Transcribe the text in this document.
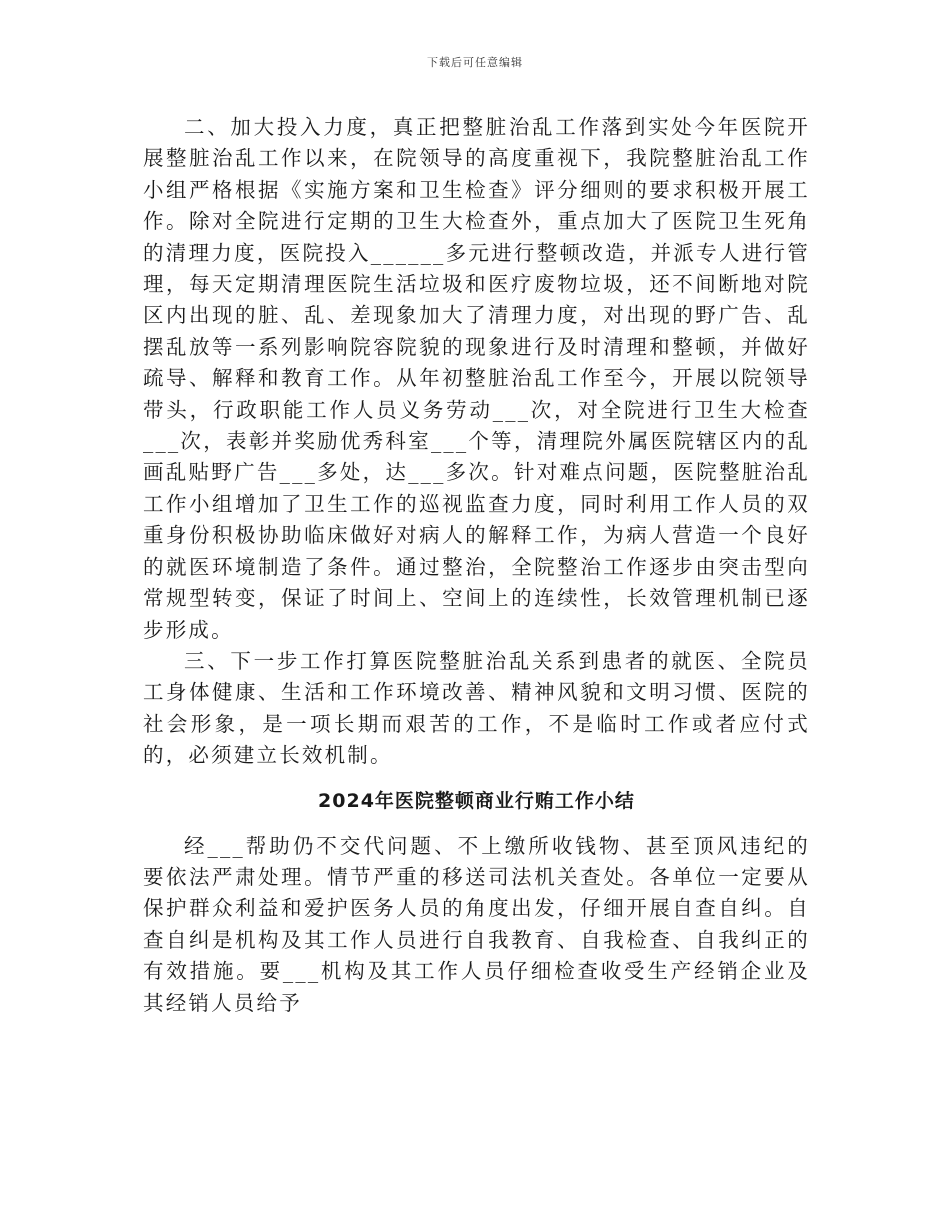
下载后可任意编辑

二、加大投入力度，真正把整脏治乱工作落到实处今年医院开展整脏治乱工作以来，在院领导的高度重视下，我院整脏治乱工作小组严格根据《实施方案和卫生检查》评分细则的要求积极开展工作。除对全院进行定期的卫生大检查外，重点加大了医院卫生死角的清理力度，医院投入______多元进行整顿改造，并派专人进行管理，每天定期清理医院生活垃圾和医疗废物垃圾，还不间断地对院区内出现的脏、乱、差现象加大了清理力度，对出现的野广告、乱摆乱放等一系列影响院容院貌的现象进行及时清理和整顿，并做好疏导、解释和教育工作。从年初整脏治乱工作至今，开展以院领导带头，行政职能工作人员义务劳动___次，对全院进行卫生大检查___次，表彰并奖励优秀科室___个等，清理院外属医院辖区内的乱画乱贴野广告___多处，达___多次。针对难点问题，医院整脏治乱工作小组增加了卫生工作的巡视监查力度，同时利用工作人员的双重身份积极协助临床做好对病人的解释工作，为病人营造一个良好的就医环境制造了条件。通过整治，全院整治工作逐步由突击型向常规型转变，保证了时间上、空间上的连续性，长效管理机制已逐步形成。

三、下一步工作打算医院整脏治乱关系到患者的就医、全院员工身体健康、生活和工作环境改善、精神风貌和文明习惯、医院的社会形象，是一项长期而艰苦的工作，不是临时工作或者应付式的，必须建立长效机制。

2024年医院整顿商业行贿工作小结

经___帮助仍不交代问题、不上缴所收钱物、甚至顶风违纪的要依法严肃处理。情节严重的移送司法机关查处。各单位一定要从保护群众利益和爱护医务人员的角度出发，仔细开展自查自纠。自查自纠是机构及其工作人员进行自我教育、自我检查、自我纠正的有效措施。要___机构及其工作人员仔细检查收受生产经销企业及其经销人员给予
